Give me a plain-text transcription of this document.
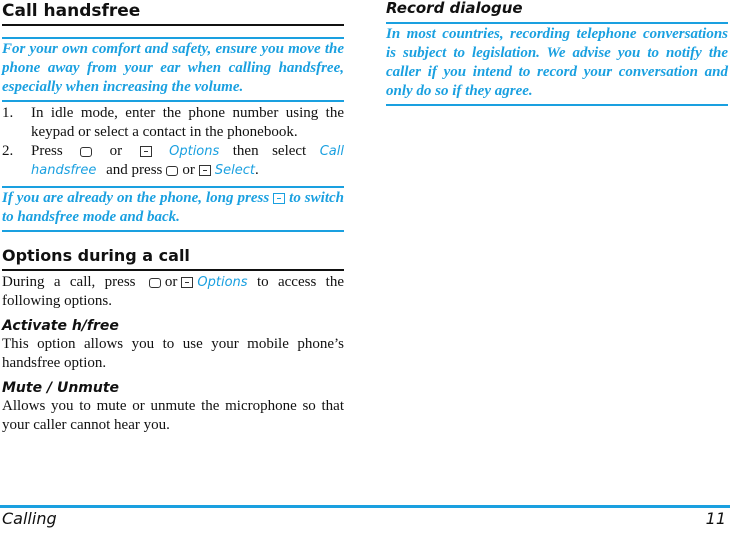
Call handsfree

For your own comfort and safety, ensure you move the phone away from your ear when calling handsfree, especially when increasing the volume.

1. In idle mode, enter the phone number using the keypad or select a contact in the phonebook.
2. Press	or	Options then select Call handsfree and press or Select.

If you are already on the phone, long press to switch to handsfree mode and back.

Options during a call

During a call, press or Options to access the following options.

Activate h/free

This option allows you to use your mobile phone’s handsfree option.

Mute / Unmute

Allows you to mute or unmute the microphone so that your caller cannot hear you.

Record dialogue

In most countries, recording telephone conversations is subject to legislation. We advise you to notify the caller if you intend to record your conversation and only do so if they agree.

Calling	11
